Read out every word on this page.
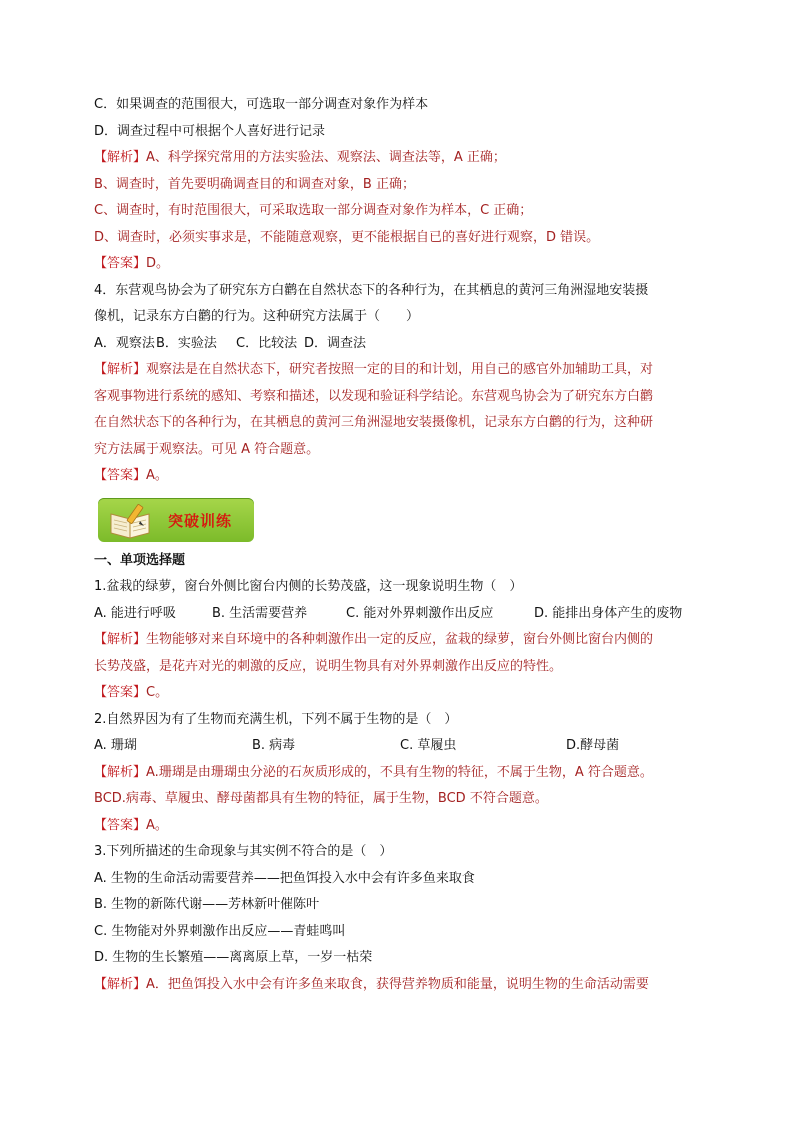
C．如果调查的范围很大，可选取一部分调查对象作为样本
D．调查过程中可根据个人喜好进行记录
【解析】A、科学探究常用的方法实验法、观察法、调查法等，A 正确；
B、调查时，首先要明确调查目的和调查对象，B 正确；
C、调查时，有时范围很大，可采取选取一部分调查对象作为样本，C 正确；
D、调查时，必须实事求是，不能随意观察，更不能根据自已的喜好进行观察，D 错误。
【答案】D。
4．东营观鸟协会为了研究东方白鹳在自然状态下的各种行为，在其栖息的黄河三角洲湿地安装摄
像机，记录东方白鹳的行为。这种研究方法属于（　　）
A．观察法 B．实验法	C．比较法 D．调查法
【解析】观察法是在自然状态下，研究者按照一定的目的和计划，用自己的感官外加辅助工具，对
客观事物进行系统的感知、考察和描述，以发现和验证科学结论。东营观鸟协会为了研究东方白鹳
在自然状态下的各种行为，在其栖息的黄河三角洲湿地安装摄像机，记录东方白鹳的行为，这种研
究方法属于观察法。可见 A 符合题意。
【答案】A。
突破训练
一、单项选择题
1.盆栽的绿萝，窗台外侧比窗台内侧的长势茂盛，这一现象说明生物（　）
A. 能进行呼吸	B. 生活需要营养	C. 能对外界刺激作出反应	D. 能排出身体产生的废物
【解析】生物能够对来自环境中的各种刺激作出一定的反应，盆栽的绿萝，窗台外侧比窗台内侧的
长势茂盛，是花卉对光的刺激的反应，说明生物具有对外界刺激作出反应的特性。
【答案】C。
2.自然界因为有了生物而充满生机，下列不属于生物的是（　）
A. 珊瑚	B. 病毒	C. 草履虫	D.酵母菌
【解析】A.珊瑚是由珊瑚虫分泌的石灰质形成的，不具有生物的特征，不属于生物，A 符合题意。
BCD.病毒、草履虫、酵母菌都具有生物的特征，属于生物，BCD 不符合题意。
【答案】A。
3.下列所描述的生命现象与其实例不符合的是（　）
A. 生物的生命活动需要营养——把鱼饵投入水中会有许多鱼来取食
B. 生物的新陈代谢——芳林新叶催陈叶
C. 生物能对外界刺激作出反应——青蛙鸣叫
D. 生物的生长繁殖——离离原上草，一岁一枯荣
【解析】A．把鱼饵投入水中会有许多鱼来取食，获得营养物质和能量，说明生物的生命活动需要
